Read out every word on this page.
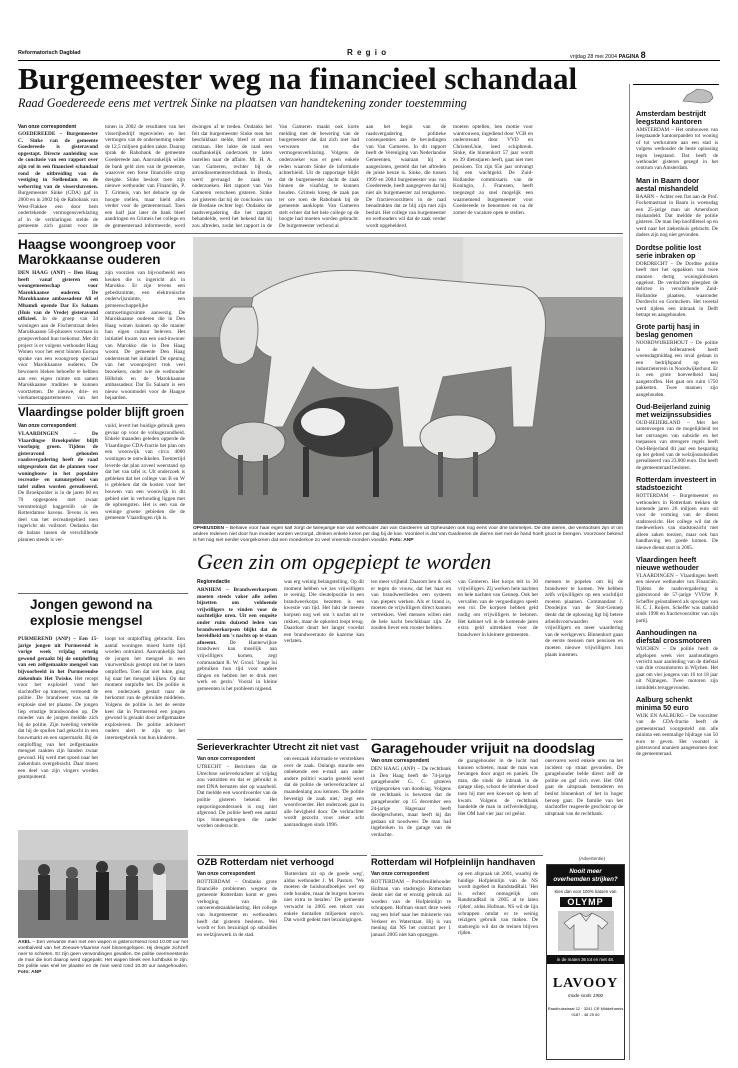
Reformatorisch Dagblad	R e g i o	vrijdag 28 mei 2004 PAGINA 8
Burgemeester weg na financieel schandaal
Raad Goedereede eens met vertrek Sinke na plaatsen van handtekening zonder toestemming
Van onze correspondent
GOEDEREEDE – Burgemeester C. Sinke van de gemeente Goedereede is gisteravond opgestapt. Directe aanleiding was de conclusie van een rapport over zijn rol in een financieel schandaal rond de uitbreiding van de vestiging in Stellendam en de weberring van de vissershavenen. Burgemeester Sinke (CDA) gaf in 2000 en in 2002 bij de Rabobank van West-Flakkee een door hem ondertekende vermogensverklaring af in de verklaringen stelde de gemeente zich garant voor de
tonen in 2002 de resultaten van het visserijbedrijf tegenvielen en het vermogen van de onderneming onder de 12,5 miljoen gulden zakte. Daarop sprak de Rabobank de gemeente Goedereede aan. Aanvankelijk wilde de bank geld zien van de gemeente, waarover een forse financiële strop dreigde. Sinke besloot toen zijn nieuwe wethouder van Financiën, P. T. Grimeis, van het debacle op de hoogte stellen, maar hield alles verder voor de gemeenteraad. Toen een half jaar later de bank bleef aandringen en Grimeis het college en de gemeenteraad informeerde, werd
dwongen af te treden. Ondanks het feit dat burgemeester Sinke toen het beschikbaar stelde, bleef er onrust ontstaan. Het lukte de raad een onafhankelijk onderzoek te laten instellen naar de affaire. Mr. H. A. van Gameren, rechter bij de arrondissementsrechtbank in Breda, werd gevraagd de zaak te onderzoeken. Het rapport van Van Gameren verscheen gisteren. Sinke zei gisteren dat hij de conclusies van de Bredase rechter legt. Ondanks de raadsvergadering die het rapport behandelde, werd het bekend dat hij zou aftreden, zodat het rapport in de
Van Gameren maakt ook korte melding met de bewering van de burgemeester dat dat zich niet had verwezen tot die vermogensverklaring. Volgens de onderzoeker was er geen enkele reden waarom Sinke de informatie achterhield. Uit de rapportage blijkt dat de burgemeester dacht de zaak binnen de visafslag te kunnen houden. Grimeis kreeg de zaak pas ter ore toen de Rabobank bij de gemeente aanklopte. Van Gameren stelt echter dat het hele college op de hoogte had moeten worden gebracht. De burgemeester verbond al
aan het begin van de raadsvergadering politieke consequenties aan de bevindingen van Van Gameren. In dit rapport heeft de Vereniging van Nederlandse Gemeenten, waaraan hij is aangesloten, gesteld dat het aftreden de juiste keuze is. Sinke, die tussen 1999 en 2004 burgemeester was van Goedereede, heeft aangegeven dat hij niet als burgemeester zal terugkeren. De fractievoorzitters in de raad benadrukten dat ze blij zijn met zijn besluit. Het college van burgemeester en wethouders wil dat de zaak verder wordt opgehelderd.
moeten optellen, ben mottie voor wantrouwen, ingediend door VGB en ondersteund door VVD en ChristenUnie, leed schipbreuk. Sinke, die binnenkort 57 jaar wordt en 39 dienstjaren heeft, gaat niet met pensioen. Tot zijn 65e jaar ontvangt hij een wachtgeld. De Zuid-Hollandse commissaris van de Koningin, J. Franssen, heeft toegezegd zo snel mogelijk een waarnemend burgemeester voor Goedereede te benoemen en na de zomer de vacature open te stellen.
Amsterdam bestrijdt leegstand kantoren

AMSTERDAM – Het ombouwen van leegstaande kantoorpanden tot woning of tot werkruimte aan een stad is volgens wethouder de beste oplossing tegen leegstand. Dat heeft de wethouder gisteren gezegd in het centrum van Amsterdam.

Man in Baarn door aestal mishandeld

BAARN – Achter een flat aan de Prof. Fockemastraat in Baarn is woensdag een 25-jarige man uit Amersfoort mishandeld. Dat meldde de politie gisteren. De man liep hoofdletsel op en werd naar het ziekenhuis gebracht. De daders zijn nog niet gevonden.

Dordtse politie lost serie inbraken op

DORDRECHT – De Dordtse politie heeft met het oppakken van twee mannen dertig woninginbraken opgelost. De verdachten pleegden de delicten in verschillende Zuid-Hollandse plaatsen, waaronder Dordrecht en Gorinchem. Het tweetal werd tijdens een inbraak in Delft betrapt en aangehouden.

Grote partij hasj in beslag genomen

NOORDWIJKERHOUT – De politie in de bollenstreek heeft woensdagmiddag een inval gedaan in een bedrijfspand op een industrieterrein in Noordwijkerhout. Er is een grote hoeveelheid hasj aangetroffen. Het gaat om ruim 1750 pakketten. Twee mannen zijn aangehouden.

Oud-Beijerland zuinig met weizijnssubsidies

OUD-BEIJERLAND – Met het samenvoegen van de mogelijkheid tot het ontvangen van subsidie en het toepassen van strengere regels heeft Oud-Beijerland dit jaar een besparing op het gebied van de welzijnssubsidies gerealiseerd van 23.000 euro. Dat heeft de gemeenteraad besloten.

Rotterdam investeert in stadstoezicht

ROTTERDAM – Burgemeester en wethouders in Rotterdam trekken de komende jaren 26 miljoen euro uit voor de vorming van de dienst stadstoezicht. Het college wil dat de medewerkers van stadstoezicht met alleen zaken toezien, maar ook hun handhaving ten goede komen. De nieuwe dienst start in 2005.

Vlaardingen heeft nieuwe wethouder

VLAARDINGEN – Vlaardingen heeft een nieuwe wethouder van Financiën. Tijdens de raadsvergadering is gisteravond de 57-jarige VVD'er P. Scheffer geïnstalleerd als opvolger van H. C. J. Roijers. Scheffer was raadslid sinds 1998 en fractievoorzitter van zijn partij.

Aanhoudingen na diefstal crossmotoren

WIJCHEN – De politie heeft de afgelopen week vier aanhoudingen verricht naar aanleiding van de diefstal van drie crossmotoren in Wijchen. Het gaat om vier jongens van 16 tot 18 jaar uit Nijmegen. Twee motoren zijn inmiddels teruggevonden.

Aalburg schenkt minima 50 euro

WIJK EN AALBURG – De voorzitter van de CDA-fractie heeft de gemeenteraad voorgesteld om alle minima een eenmalige bijdrage van 50 euro te geven. Het voorstel is gisteravond unaniem aangenomen door de gemeenteraad.

Haagse woongroep voor Marokkaanse ouderen
DEN HAAG (ANP) – Den Haag heeft vanaf gisteren een woongemeenschap voor Marokkaanse ouderen. De Marokkaanse ambassadeur Ali el Mhamdi opende Dar Es Salaam (Huis van de Vrede) gisteravond officieel. In de groep van 34 woningen aan de Fischerstraat delen Marokkaanse 50-plussers voortaan in groepsverband hun toekomst. Met dit project is er volgens wethouder Haag Wonen voor het eerst binnen Europa sprake van een woongroep speciaal voor Marokkaanse ouderen. De bewoners bleken behoefte te hebben aan een eigen ruimte om samen Marokkaanse tradities te kunnen voortzetten. De nieuwe, drie- en vierkamerappartementen van het
zijn voorzien van bijvoorbeeld een keuken die is ingericht als in Marokko. Er zijn tevens een gebedsruimte, een elektronische onderwijsruimte, een gemeenschappelijke ontmoetingsruimte aanwezig. De Marokkaanse ouderen die in Den Haag wonen kunnen op die manier hun eigen cultuur beleven. Het initiatief kwam van een oud-inwoner van Marokko die in Den Haag woont. De gemeente Den Haag ondersteunt het initiatief. De opening van het woonproject trok veel bezoekers, onder wie de wethouder Hilbrink en de Marokkaanse ambassadeur. Dar Es Salaam is een nieuw woonmodel voor de Haagse bejaarden.
OPHEUSDEN – Behalve voor haar eigen kalf zorgt de tweejarige koe van wethouder Jan van Gardeeren uit Opheusden ook nog eens voor drie lammetjes. De drie dieren, die ventootsen zijn of om andere redenen niet door hun moeder worden verzorgd, drinken enkele keren per dag bij de koe. Voordeel is dat Van Gardeeren de dieren niet met de hand hoeft groot te brengen. Voorzover bekend is het nog niet eerder voorgekomen dat een moederkoe zo veel vreemde monden voedde. Foto: ANP
Vlaardingse polder blijft groen
Van onze correspondent
VLAARDINGEN – De Vlaardingse Broekpolder blijft voorlopig groen. Tijdens de gisteravond gehouden raadsvergadering heeft de raad uitgesproken dat de plannen voor woningbouw in het populaire recreatie- en natuurgebied van tafel zullen worden gerealiseerd. De Broekpolder is in de jaren 60 en 70 opgespoten met zwaar verontreinigd baggerslib uit de Rotterdamse havens. Tevens is een deel van het recreatiegebied toen ingericht als vuilstort. Ondanks dat de balans tussen de verschillende plannen steeds is ver-
vuild, levert het huidige gebruik geen gevaar op voor de volksgezondheid. Enkele maanden geleden opperde de Vlaardingse CDA-fractie het plan om een woonwijk van circa 4000 woningen te ontwikkelen. Toentertijd leverde dat plan zoveel weerstand op dat het van tafel is. Uit onderzoek is gebleken dat het college van B en W is gebleken dat de kosten voor het bouwen van een woonwijk in dit gebied niet in verhouding liggen met de opbrengsten. Het is een van de weinige groene gebieden die de gemeente Vlaardingen rijk is.
Geen zin om opgepiept te worden
Regioredactie
ARNHEM – Brandweerkorpsen moeten steeds vaker alle zeilen bijzetten om voldoende vrijwilligers te vinden voor de nachtelijke uren. Uit een enquête onder ruim duizend leden van brandweerkorpsen blijkt dat de bereidheid om 's nachts op te staan afneemt. De Hanterwijkse brandweer kan moeilijk aan vrijwilligers komen, zegt commandant R. W. Grool. 'Jonge lui gebruiken hun tijd voor andere dingen en hebben het te druk met werk en gezin.' Vooral in kleine gemeenten is het probleem nijpend.
was erg weinig belangstelling. Op dit moment hebben we zes vrijwilligers te weinig. Die sleutelpositie in een brandweerkorps bezetten is een kwestie van tijd. Het lukt de meeste korpsen nog wel om 's nachts uit te rukken, maar de opkomst loopt terug. Daardoor duurt het langer voordat een brandweerauto de kazerne kan verlaten.
ten meer vrijheid. Daarom ben ik ook er tegen de vrouw, dat het haar en van brandweerlieden een systeem van piepers werken. Als er brand is, moeten de vrijwilligers direct kunnen vertrekken. Veel mensen willen niet de hele nacht beschikbaar zijn. Ze zouden liever een rooster hebben.
van Gemeren. Het korps telt in 30 vrijwilligers. Zij werken hele nachten en hele nachten van Gennep. Ook het vervallen van de vergoedingen speelt een rol. De korpsen hebben geld nodig om vrijwilligers te belonen. Het kabinet wil in de komende jaren extra geld uittrekken voor de brandweer in kleinere gemeenten.
mensen te popelen om bij de brandweer te komen. We hebben zelfs vrijwilligers op een wachtlijst moeten plaatsen. Commandant J. Doodeijns van de Slot-Gennep denkt dat de oplossing ligt bij betere arbeidsvoorwaarden voor vrijwilligers en meer waardering van de werkgevers. Binnenkort gaan de eerste mensen met pensioen en moeten nieuwe vrijwilligers hun plaats innemen.
Jongen gewond na explosie mengsel
PURMEREND (ANP) – Een 15-jarige jongen uit Purmerend is vorige week vrijdag ernstig gewond geraakt bij de ontploffing van een zelfgemaakte mengsel van bijvoorbeeld in het Purmerendse ziekenhuis Het Twiske. Het recept voor het explosief vond het slachtoffer op internet, vermoedt de politie. De brandweer was na de explosie snel ter plaatse. De jongen liep ernstige brandwonden op. De moeder van de jongen meldde zich bij de politie. Zijn tweeling vertelde dat hij de spullen had gekocht in een bouwmarkt en een supermarkt. Bij de ontploffing van het zelfgemaakte mengsel raakten zijn handen zwaar gewond. Hij werd met spoed naar het ziekenhuis overgebracht. Daar moest een deel van zijn vingers worden geamputeerd.
loopt tot ontploffing gebracht. Een aantal woningen moest korte tijd worden ontruimd. Aanvankelijk had de jongen het mengsel in een vuurwerkbuis gestopt om het te laten ontploffen. Toen dat niet lukte, ging hij naar het mengsel kijken. Op dat moment ontplofte het. De politie is een onderzoek gestart naar de herkomst van de gebruikte middelen. Volgens de politie is het de eerste keer dat in Purmerend een jongen gewond is geraakt door zelfgemaakte explosieven. De politie adviseert ouders alert te zijn op het internetgebruik van hun kinderen.
AXEL – Een verwarde man met een wapen is gisterochtend rond 10.00 uur het voetbalveld van het Zeeuws-Vlaamse Axel binnengelopen. Hij dreigde zichzelf neer te schieten. Er zijn geen verwondingen gevallen. De politie overmeesterde de man die kort daarop werd opgepakt. Het wapen bleek een luchtbuks te zijn. De politie was snel ter plaatse en de man werd rond 10.30 uur aangehouden. Foto: ANP
Serieverkrachter Utrecht zit niet vast
Van onze correspondent
UTRECHT – Berichten dat de Utrechtse serieverkrachter al vrijdag zou vastzitten en dat er gebruikt is met DNA berusten niet op waarheid. Dat meldde een woordvoerder van de politie gisteren bekend. Het opsporingsonderzoek is nog niet afgerond. De politie heeft een aantal tips binnengekregen die nader worden onderzocht.
om eenzaak informatie te verstrekken over de zaak. Onlangs stuurde een onbekende een e-mail aan ander andere politici waarin gesteld werd dat de politie de serieverkrachter al maandenlang zou kennen. 'De politie bevestigt de zaak niet,' zegt een woordvoerder. Het onderzoek gaat in alle hevigheid door. De verkrachter wordt gezocht voor zeker acht aanrandingen sinds 1996.
Garagehouder vrijuit na doodslag
Van onze correspondent
DEN HAAG (ANP) – De rechtbank in Den Haag heeft de 74-jarige garagehouder G. C. gisteren vrijgesproken van doodslag. Volgens de rechtbank is bewezen dat de garagehouder op 15 december een 24-jarige Hagenaar heeft doodgeschoten, maar heeft hij dat gedaan uit noodweer. De man had ingebroken in de garage van de verdachte.
de garagehouder in de lucht had kunnen schieten, maar de man was bevangen door angst en paniek. De man, die sinds de inbraak in de garage sliep, schoot de inbreker dood toen hij met een koevoet op hem af kwam. Volgens de rechtbank handelde de man in zelfverdediging. Het OM had vier jaar cel geëist.
onervaren werd enkele uren na het incident op straat gevonden. De garagehouder belde direct zelf de politie en gaf zich over. Het OM gaat de uitspraak bestuderen en beslist binnenkort of het in hoger beroep gaat. De familie van het slachtoffer reageerde geschokt op de uitspraak van de rechtbank.
OZB Rotterdam niet verhoogd
Van onze correspondent
ROTTERDAM – Ondanks grote financiële problemen wegens de gemeente Rotterdam komt er geen verhoging van de onroerendezaakbelasting. Het college van burgemeester en wethouders heeft dat gisteren besloten. Wel wordt er fors bezuinigd op subsidies en welzijnswerk in de stad.
'Rotterdam zit op de goede weg', aldus wethouder J. M. Pastors. 'We moeten de huishoudboekjes wel op orde houden, maar de burgers hoeven niet extra te betalen.' De gemeente verwacht in 2005 een tekort van enkele tientallen miljoenen euro's. Dat wordt gedekt met bezuinigingen.
Rotterdam wil Hofpleinlijn handhaven
Van onze correspondent
ROTTERDAM – Portefeuillehouder Hofman van stadsregio Rotterdam denkt niet dat er ernstig gebruik zal worden van de Hofpleinlijn te schrappen. Hofman stuurt deze week nog een brief naar het ministerie van Verkeer en Waterstaat. Hij is van mening dat NS het contract per 1 januari 2005 niet kan opzeggen.
op een afspraak uit 2001, waarbij de huidige Hofpleinlijn van de NS wordt ingebed in RandstadRail. 'Het is echter onmogelijk om RandstadRail in 2005 al te laten rijden', aldus Hofman. NS wil de lijn schrappen omdat er te weinig reizigers gebruik van maken. De stadsregio wil dat de treinen blijven rijden.
(Advertentie)
Nooit meer
overhemden strijken?
Kies dan voor 100% katoen van
OLYMP
in de maten 36 tot en met 48.
LAVOOY
mode sinds 1900
Raadhuisstraat 12 · 3241 CR Middelharnis
0187 - 48 25 00
